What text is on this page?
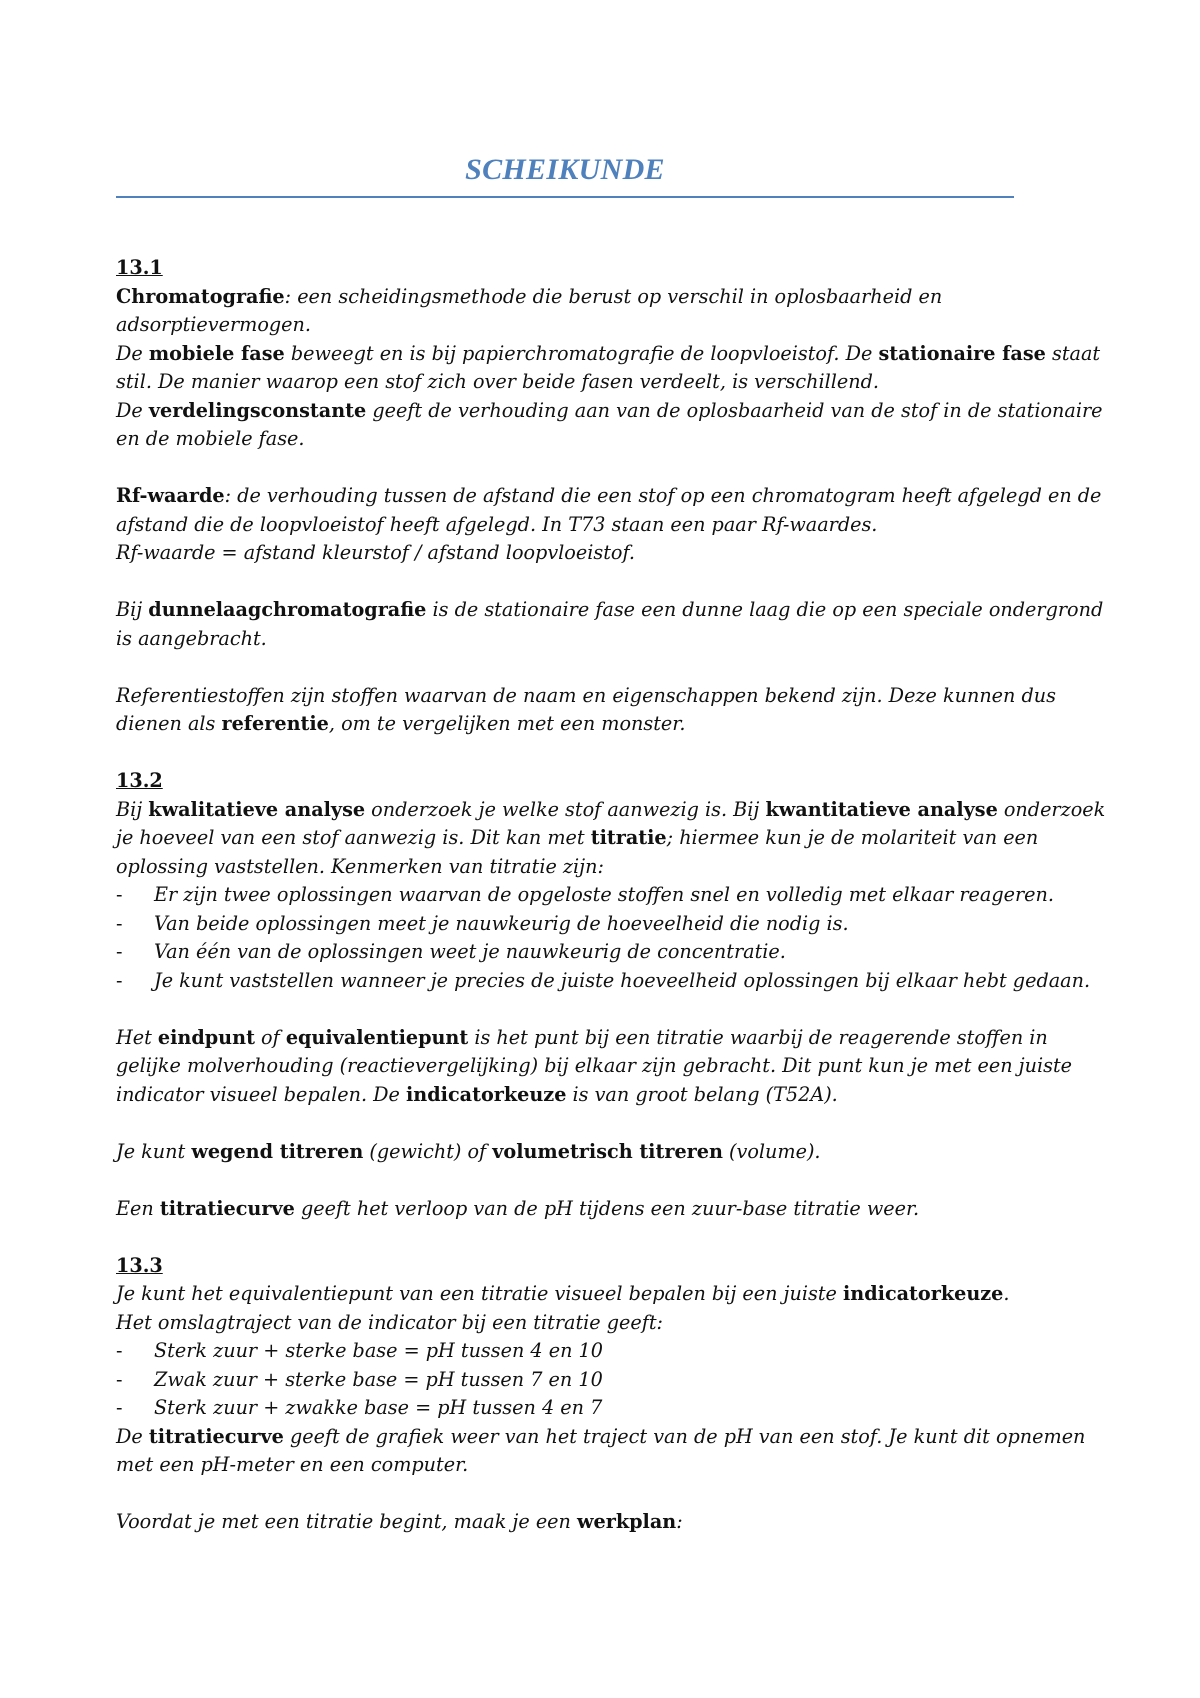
SCHEIKUNDE
13.1

Chromatografie: een scheidingsmethode die berust op verschil in oplosbaarheid en adsorptievermogen.

De mobiele fase beweegt en is bij papierchromatografie de loopvloeistof. De stationaire fase staat stil. De manier waarop een stof zich over beide fasen verdeelt, is verschillend.

De verdelingsconstante geeft de verhouding aan van de oplosbaarheid van de stof in de stationaire en de mobiele fase.

Rf-waarde: de verhouding tussen de afstand die een stof op een chromatogram heeft afgelegd en de afstand die de loopvloeistof heeft afgelegd. In T73 staan een paar Rf-waardes.

Rf-waarde = afstand kleurstof / afstand loopvloeistof.

Bij dunnelaagchromatografie is de stationaire fase een dunne laag die op een speciale ondergrond is aangebracht.

Referentiestoffen zijn stoffen waarvan de naam en eigenschappen bekend zijn. Deze kunnen dus dienen als referentie, om te vergelijken met een monster.

13.2

Bij kwalitatieve analyse onderzoek je welke stof aanwezig is. Bij kwantitatieve analyse onderzoek je hoeveel van een stof aanwezig is. Dit kan met titratie; hiermee kun je de molariteit van een oplossing vaststellen. Kenmerken van titratie zijn:

- Er zijn twee oplossingen waarvan de opgeloste stoffen snel en volledig met elkaar reageren.
- Van beide oplossingen meet je nauwkeurig de hoeveelheid die nodig is.
- Van één van de oplossingen weet je nauwkeurig de concentratie.
- Je kunt vaststellen wanneer je precies de juiste hoeveelheid oplossingen bij elkaar hebt gedaan.

Het eindpunt of equivalentiepunt is het punt bij een titratie waarbij de reagerende stoffen in gelijke molverhouding (reactievergelijking) bij elkaar zijn gebracht. Dit punt kun je met een juiste indicator visueel bepalen. De indicatorkeuze is van groot belang (T52A).

Je kunt wegend titreren (gewicht) of volumetrisch titreren (volume).

Een titratiecurve geeft het verloop van de pH tijdens een zuur-base titratie weer.

13.3

Je kunt het equivalentiepunt van een titratie visueel bepalen bij een juiste indicatorkeuze.

Het omslagtraject van de indicator bij een titratie geeft:

- Sterk zuur + sterke base = pH tussen 4 en 10
- Zwak zuur + sterke base = pH tussen 7 en 10
- Sterk zuur + zwakke base = pH tussen 4 en 7

De titratiecurve geeft de grafiek weer van het traject van de pH van een stof. Je kunt dit opnemen met een pH-meter en een computer.

Voordat je met een titratie begint, maak je een werkplan:
